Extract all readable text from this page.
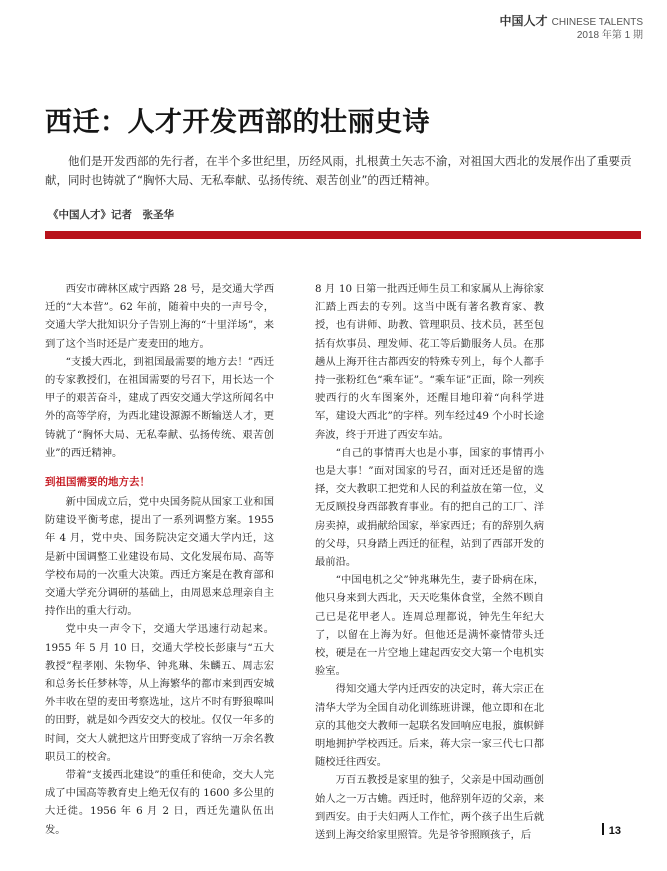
中国人才 CHINESE TALENTS
2018 年第 1 期
西迁：人才开发西部的壮丽史诗

他们是开发西部的先行者，在半个多世纪里，历经风雨，扎根黄土矢志不渝，对祖国大西北的发展作出了重要贡献，同时也铸就了“胸怀大局、无私奉献、弘扬传统、艰苦创业”的西迁精神。

《中国人才》记者　张圣华

西安市碑林区咸宁西路 28 号，是交通大学西迁的“大本营”。62 年前，随着中央的一声号令，交通大学大批知识分子告别上海的“十里洋场”，来到了这个当时还是广麦麦田的地方。

“支援大西北，到祖国最需要的地方去！”西迁的专家教授们，在祖国需要的号召下，用长达一个甲子的艰苦奋斗，建成了西安交通大学这所闻名中外的高等学府，为西北建设源源不断输送人才，更铸就了“胸怀大局、无私奉献、弘扬传统、艰苦创业”的西迁精神。

到祖国需要的地方去！

新中国成立后，党中央国务院从国家工业和国防建设平衡考虑，提出了一系列调整方案。1955 年 4 月，党中央、国务院决定交通大学内迁，这是新中国调整工业建设布局、文化发展布局、高等学校布局的一次重大决策。西迁方案是在教育部和交通大学充分调研的基础上，由周恩来总理亲自主持作出的重大行动。

党中央一声令下，交通大学迅速行动起来。1955 年 5 月 10 日，交通大学校长彭康与“五大教授”程孝刚、朱物华、钟兆琳、朱麟五、周志宏和总务长任梦林等，从上海繁华的都市来到西安城外丰收在望的麦田考察选址，这片不时有野狼嗥叫的田野，就是如今西安交大的校址。仅仅一年多的时间，交大人就把这片田野变成了容纳一万余名教职员工的校舍。

带着“支援西北建设”的重任和使命，交大人完成了中国高等教育史上绝无仅有的 1600 多公里的大迁徙。1956 年 6 月 2 日，西迁先遣队伍出发。

8 月 10 日第一批西迁师生员工和家属从上海徐家汇踏上西去的专列。这当中既有著名教育家、教授，也有讲师、助教、管理职员、技术员，甚至包括有炊事员、理发师、花工等后勤服务人员。在那趟从上海开往古都西安的特殊专列上，每个人都手持一张粉红色“乘车证”。“乘车证”正面，除一列疾驶西行的火车图案外，还醒目地印着“向科学进军，建设大西北”的字样。列车经过49 个小时长途奔波，终于开进了西安车站。

“自己的事情再大也是小事，国家的事情再小也是大事！”面对国家的号召，面对迁还是留的选择，交大教职工把党和人民的利益放在第一位，义无反顾投身西部教育事业。有的把自己的工厂、洋房卖掉，或捐献给国家，举家西迁；有的辞别久病的父母，只身踏上西迁的征程，站到了西部开发的最前沿。

“中国电机之父”钟兆琳先生，妻子卧病在床，他只身来到大西北，天天吃集体食堂，全然不顾自己已是花甲老人。连周总理都说，钟先生年纪大了，以留在上海为好。但他还是满怀豪情带头迁校，硬是在一片空地上建起西安交大第一个电机实验室。

得知交通大学内迁西安的决定时，蒋大宗正在清华大学为全国自动化训练班讲课，他立即和在北京的其他交大教师一起联名发回响应电报，旗帜鲜明地拥护学校西迁。后来，蒋大宗一家三代七口都随校迁往西安。

万百五教授是家里的独子，父亲是中国动画创始人之一万古蟾。西迁时，他辞别年迈的父亲，来到西安。由于夫妇两人工作忙，两个孩子出生后就送到上海交给家里照管。先是爷爷照顾孩子，后	13
